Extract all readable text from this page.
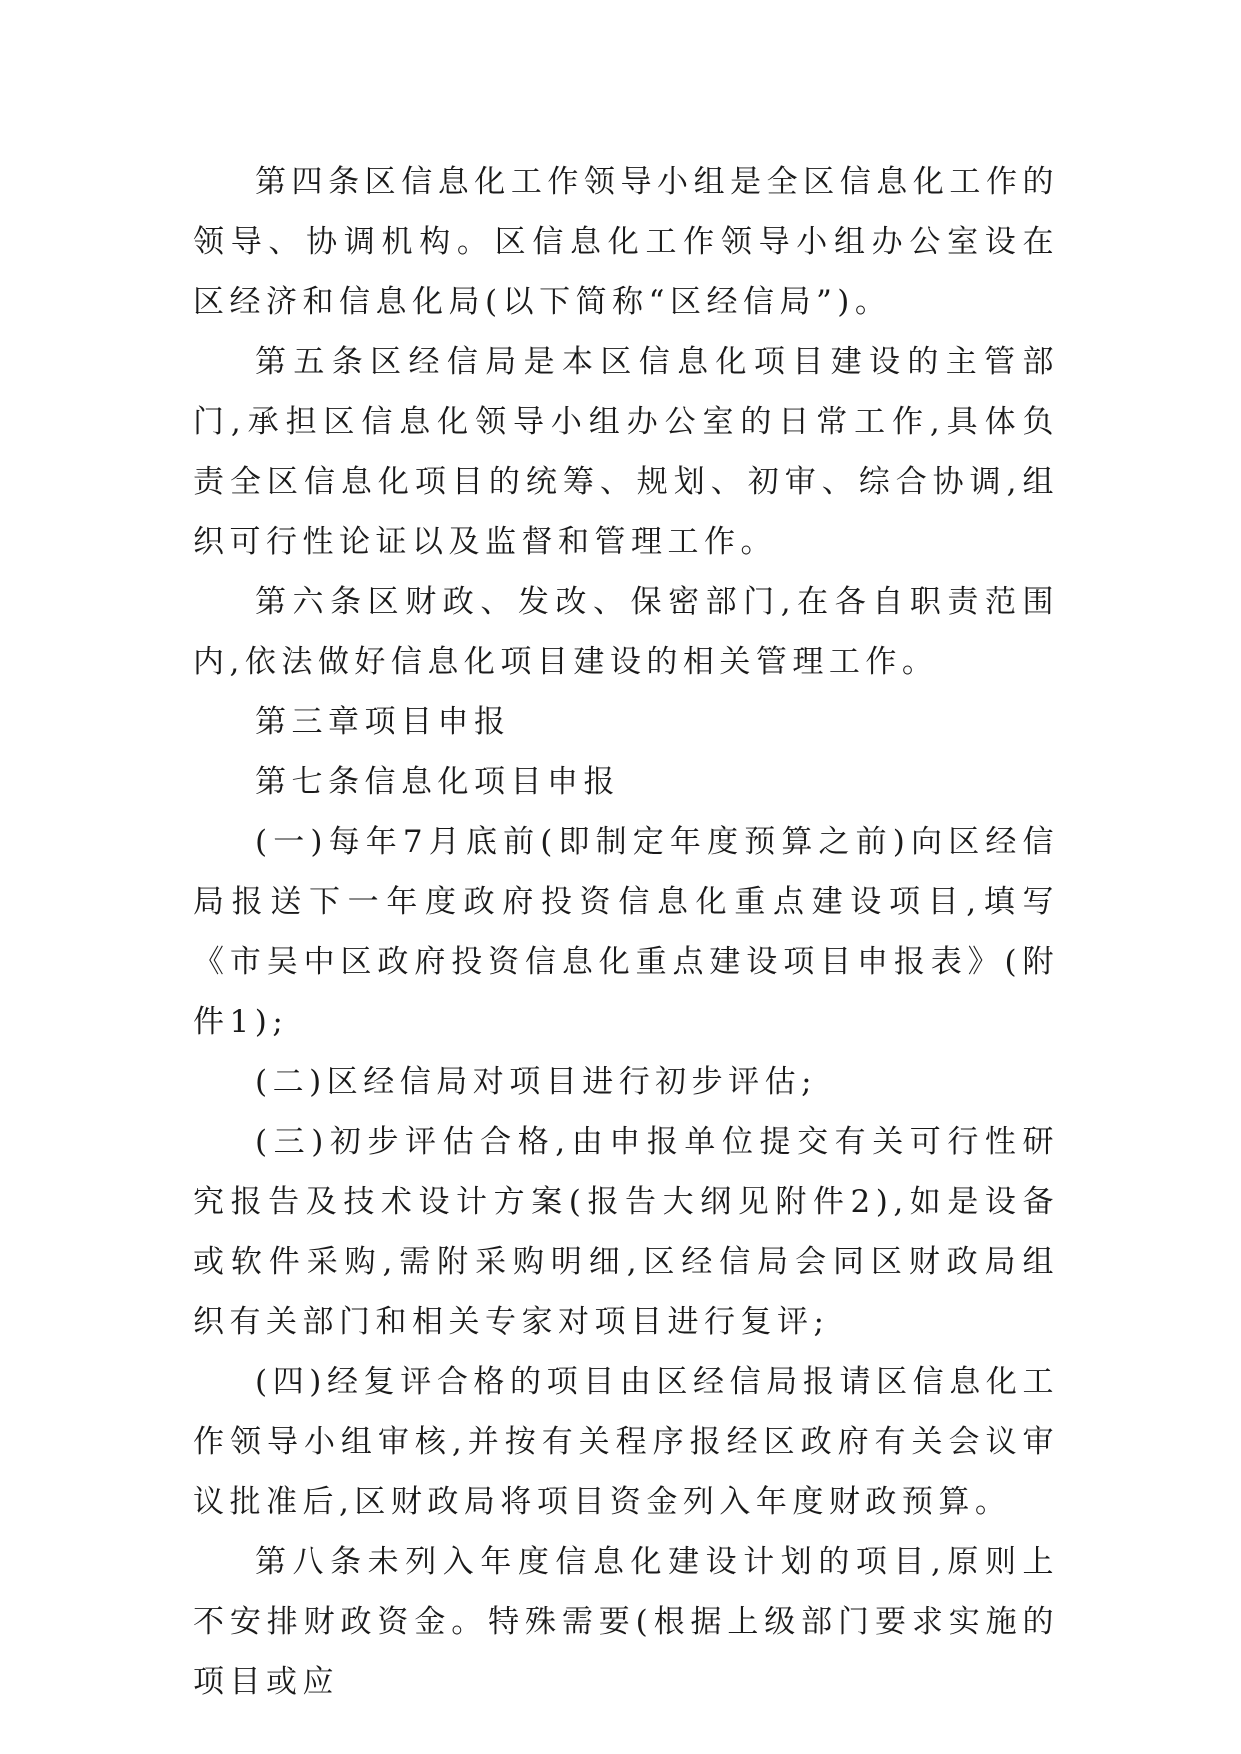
第四条区信息化工作领导小组是全区信息化工作的领导、协调机构。区信息化工作领导小组办公室设在区经济和信息化局(以下简称“区经信局”)。

第五条区经信局是本区信息化项目建设的主管部门,承担区信息化领导小组办公室的日常工作,具体负责全区信息化项目的统筹、规划、初审、综合协调,组织可行性论证以及监督和管理工作。

第六条区财政、发改、保密部门,在各自职责范围内,依法做好信息化项目建设的相关管理工作。

第三章项目申报

第七条信息化项目申报

(一)每年7月底前(即制定年度预算之前)向区经信局报送下一年度政府投资信息化重点建设项目,填写《市吴中区政府投资信息化重点建设项目申报表》(附件1);

(二)区经信局对项目进行初步评估;

(三)初步评估合格,由申报单位提交有关可行性研究报告及技术设计方案(报告大纲见附件2),如是设备或软件采购,需附采购明细,区经信局会同区财政局组织有关部门和相关专家对项目进行复评;

(四)经复评合格的项目由区经信局报请区信息化工作领导小组审核,并按有关程序报经区政府有关会议审议批准后,区财政局将项目资金列入年度财政预算。

第八条未列入年度信息化建设计划的项目,原则上不安排财政资金。特殊需要(根据上级部门要求实施的项目或应
